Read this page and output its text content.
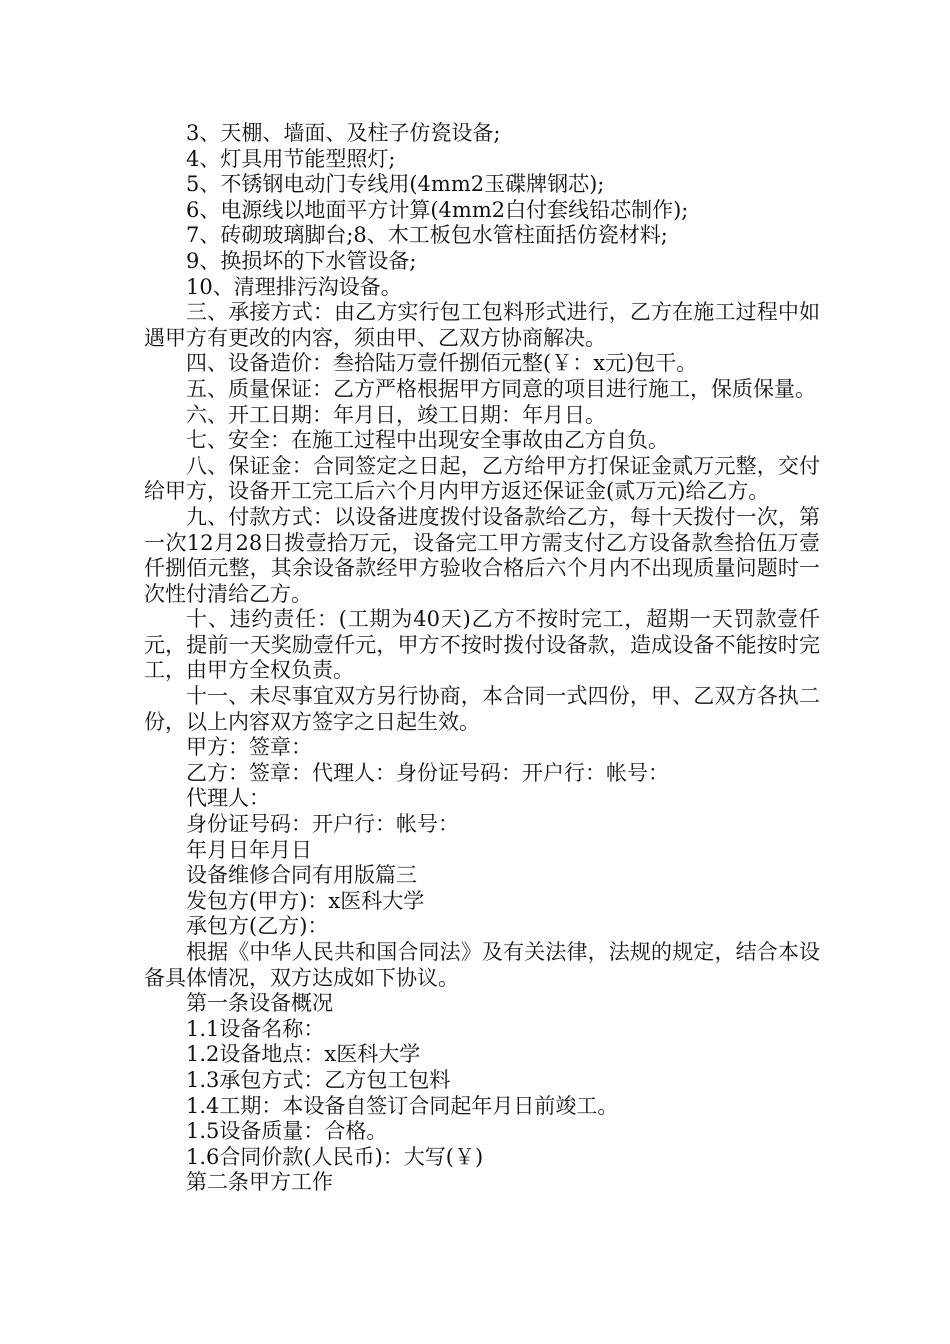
3、天棚、墙面、及柱子仿瓷设备;

4、灯具用节能型照灯;

5、不锈钢电动门专线用(4mm2玉碟牌钢芯);

6、电源线以地面平方计算(4mm2白付套线铅芯制作);

7、砖砌玻璃脚台;8、木工板包水管柱面括仿瓷材料;

9、换损坏的下水管设备;

10、清理排污沟设备。

三、承接方式：由乙方实行包工包料形式进行，乙方在施工过程中如遇甲方有更改的内容，须由甲、乙双方协商解决。

四、设备造价：叁拾陆万壹仟捌佰元整(￥：x元)包干。

五、质量保证：乙方严格根据甲方同意的项目进行施工，保质保量。

六、开工日期：年月日，竣工日期：年月日。

七、安全：在施工过程中出现安全事故由乙方自负。

八、保证金：合同签定之日起，乙方给甲方打保证金贰万元整，交付给甲方，设备开工完工后六个月内甲方返还保证金(贰万元)给乙方。

九、付款方式：以设备进度拨付设备款给乙方，每十天拨付一次，第一次12月28日拨壹拾万元，设备完工甲方需支付乙方设备款叁拾伍万壹仟捌佰元整，其余设备款经甲方验收合格后六个月内不出现质量问题时一次性付清给乙方。

十、违约责任：(工期为40天)乙方不按时完工，超期一天罚款壹仟元，提前一天奖励壹仟元，甲方不按时拨付设备款，造成设备不能按时完工，由甲方全权负责。

十一、未尽事宜双方另行协商，本合同一式四份，甲、乙双方各执二份，以上内容双方签字之日起生效。

甲方：签章：

乙方：签章：代理人：身份证号码：开户行：帐号：

代理人：

身份证号码：开户行：帐号：

年月日年月日

设备维修合同有用版篇三

发包方(甲方)：x医科大学

承包方(乙方)：

根据《中华人民共和国合同法》及有关法律，法规的规定，结合本设备具体情况，双方达成如下协议。

第一条设备概况

1.1设备名称：

1.2设备地点：x医科大学

1.3承包方式：乙方包工包料

1.4工期：本设备自签订合同起年月日前竣工。

1.5设备质量：合格。

1.6合同价款(人民币)：大写(￥)

第二条甲方工作
